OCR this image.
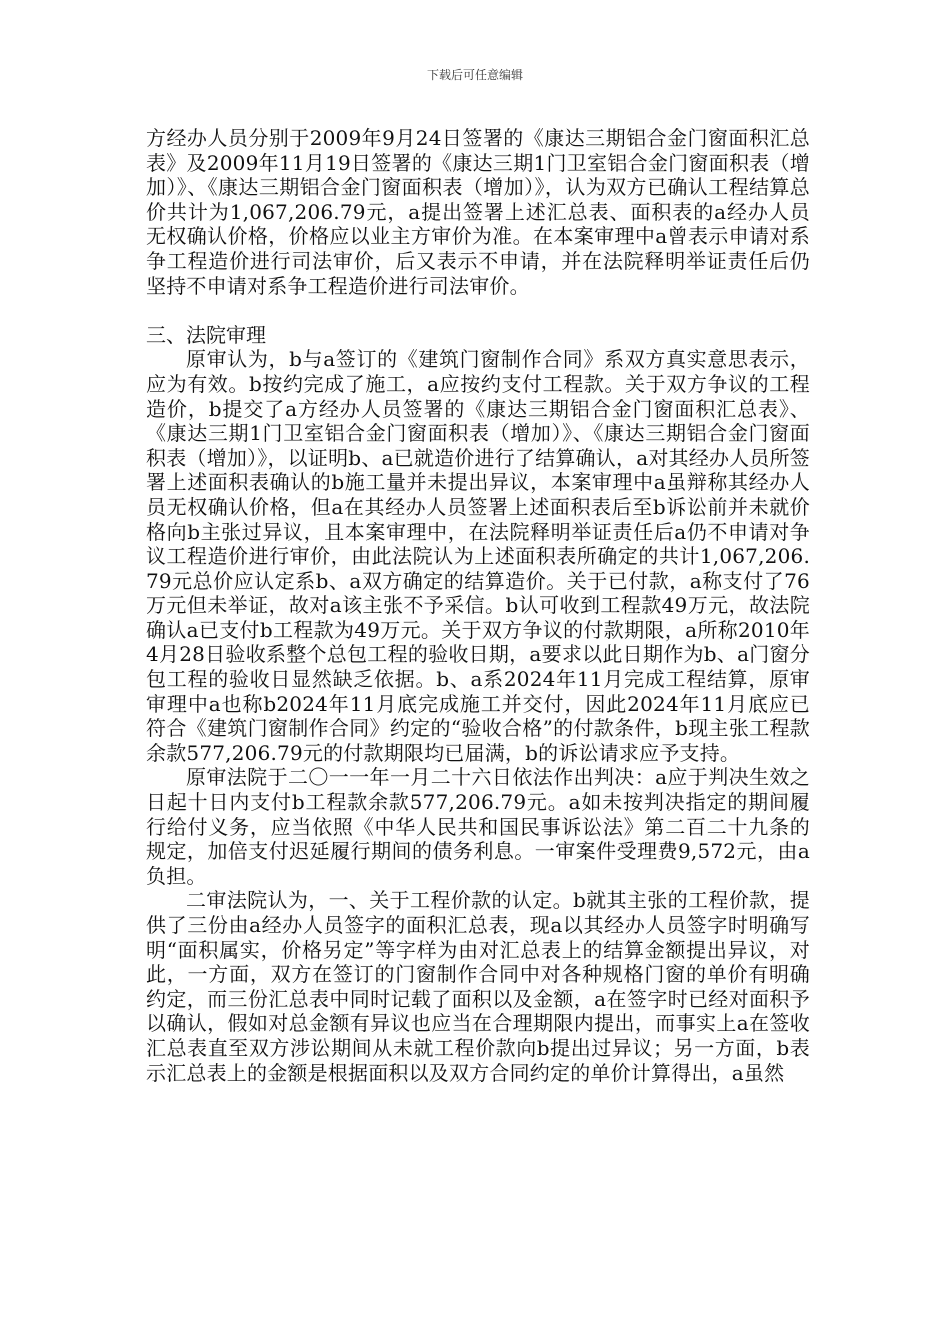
下载后可任意编辑

方经办人员分别于2009年9月24日签署的《康达三期铝合金门窗面积汇总表》及2009年11月19日签署的《康达三期1门卫室铝合金门窗面积表（增加）》、《康达三期铝合金门窗面积表（增加）》，认为双方已确认工程结算总价共计为1,067,206.79元，a提出签署上述汇总表、面积表的a经办人员无权确认价格，价格应以业主方审价为准。在本案审理中a曾表示申请对系争工程造价进行司法审价，后又表示不申请，并在法院释明举证责任后仍坚持不申请对系争工程造价进行司法审价。

三、法院审理

原审认为，b与a签订的《建筑门窗制作合同》系双方真实意思表示，应为有效。b按约完成了施工，a应按约支付工程款。关于双方争议的工程造价，b提交了a方经办人员签署的《康达三期铝合金门窗面积汇总表》、《康达三期1门卫室铝合金门窗面积表（增加）》、《康达三期铝合金门窗面积表（增加）》，以证明b、a已就造价进行了结算确认，a对其经办人员所签署上述面积表确认的b施工量并未提出异议，本案审理中a虽辩称其经办人员无权确认价格，但a在其经办人员签署上述面积表后至b诉讼前并未就价格向b主张过异议，且本案审理中，在法院释明举证责任后a仍不申请对争议工程造价进行审价，由此法院认为上述面积表所确定的共计1,067,206.79元总价应认定系b、a双方确定的结算造价。关于已付款，a称支付了76万元但未举证，故对a该主张不予采信。b认可收到工程款49万元，故法院确认a已支付b工程款为49万元。关于双方争议的付款期限，a所称2010年4月28日验收系整个总包工程的验收日期，a要求以此日期作为b、a门窗分包工程的验收日显然缺乏依据。b、a系2024年11月完成工程结算，原审审理中a也称b2024年11月底完成施工并交付，因此2024年11月底应已符合《建筑门窗制作合同》约定的“验收合格”的付款条件，b现主张工程款余款577,206.79元的付款期限均已届满，b的诉讼请求应予支持。

原审法院于二〇一一年一月二十六日依法作出判决：a应于判决生效之日起十日内支付b工程款余款577,206.79元。a如未按判决指定的期间履行给付义务，应当依照《中华人民共和国民事诉讼法》第二百二十九条的规定，加倍支付迟延履行期间的债务利息。一审案件受理费9,572元，由a负担。

二审法院认为，一、关于工程价款的认定。b就其主张的工程价款，提供了三份由a经办人员签字的面积汇总表，现a以其经办人员签字时明确写明“面积属实，价格另定”等字样为由对汇总表上的结算金额提出异议，对此，一方面，双方在签订的门窗制作合同中对各种规格门窗的单价有明确约定，而三份汇总表中同时记载了面积以及金额，a在签字时已经对面积予以确认，假如对总金额有异议也应当在合理期限内提出，而事实上a在签收汇总表直至双方涉讼期间从未就工程价款向b提出过异议；另一方面，b表示汇总表上的金额是根据面积以及双方合同约定的单价计算得出，a虽然
